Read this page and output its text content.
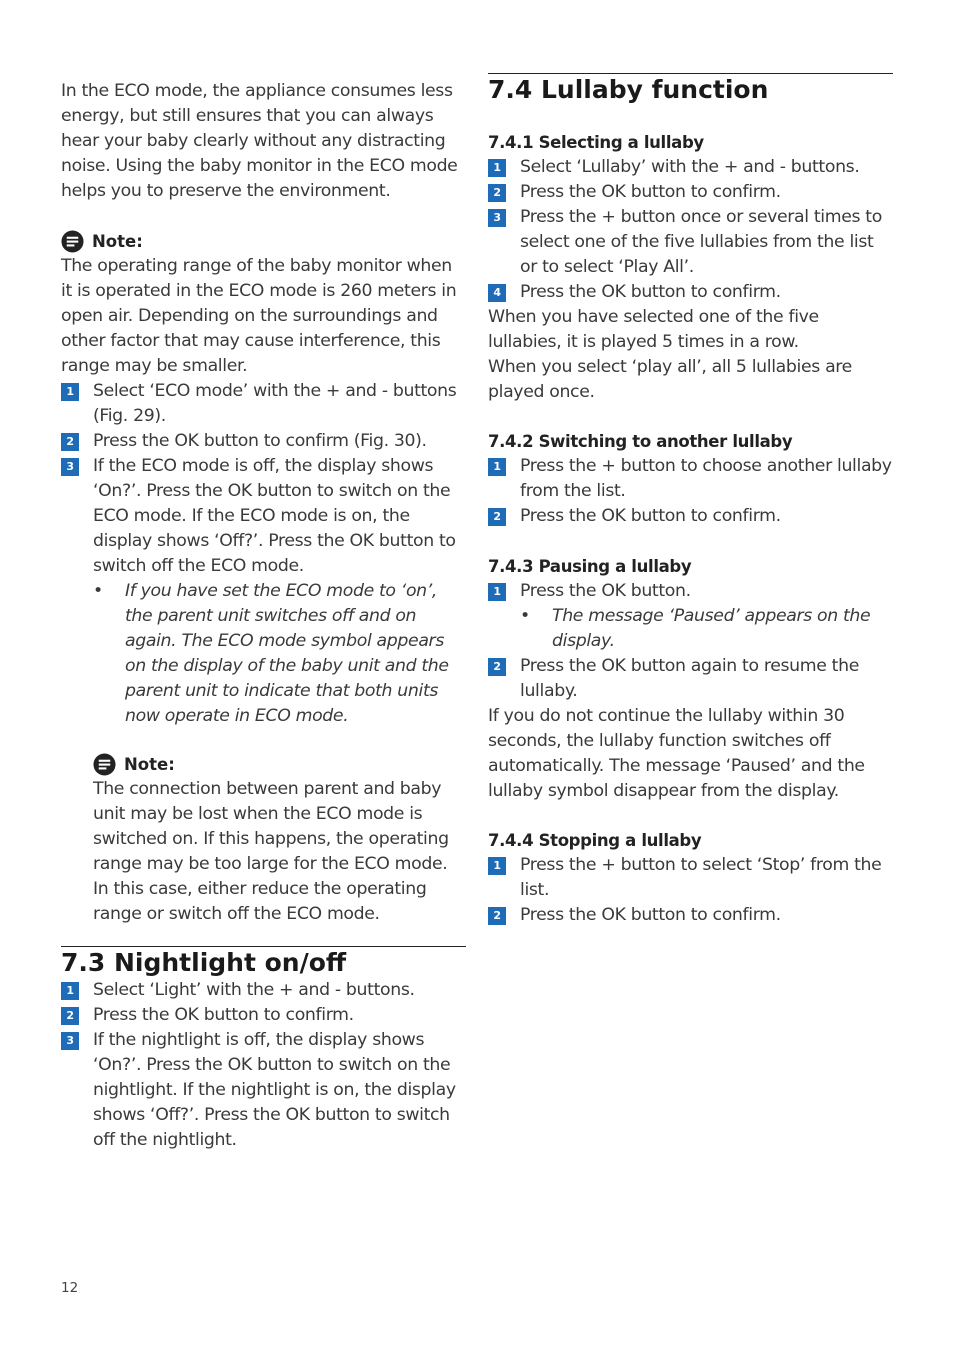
In the ECO mode, the appliance consumes less energy, but still ensures that you can always hear your baby clearly without any distracting noise. Using the baby monitor in the ECO mode helps you to preserve the environment.

Note:

The operating range of the baby monitor when it is operated in the ECO mode is 260 meters in open air. Depending on the surroundings and other factor that may cause interference, this range may be smaller.

1	Select ‘ECO mode’ with the + and - buttons (Fig. 29).
2	Press the OK button to confirm (Fig. 30).
3	If the ECO mode is off, the display shows ‘On?’. Press the OK button to switch on the ECO mode. If the ECO mode is on, the display shows ‘Off?’. Press the OK button to switch off the ECO mode.
•	If you have set the ECO mode to ‘on’, the parent unit switches off and on again. The ECO mode symbol appears on the display of the baby unit and the parent unit to indicate that both units now operate in ECO mode.
Note:

The connection between parent and baby unit may be lost when the ECO mode is switched on. If this happens, the operating range may be too large for the ECO mode. In this case, either reduce the operating range or switch off the ECO mode.

7.3 Nightlight on/off
1	Select ‘Light’ with the + and - buttons.
2	Press the OK button to confirm.
3	If the nightlight is off, the display shows ‘On?’. Press the OK button to switch on the nightlight. If the nightlight is on, the display shows ‘Off?’. Press the OK button to switch off the nightlight.
7.4 Lullaby function
7.4.1 Selecting a lullaby
1	Select ‘Lullaby’ with the + and - buttons.
2	Press the OK button to confirm.
3	Press the + button once or several times to select one of the five lullabies from the list or to select ‘Play All’.
4	Press the OK button to confirm.

When you have selected one of the five lullabies, it is played 5 times in a row.

When you select ‘play all’, all 5 lullabies are played once.

7.4.2 Switching to another lullaby
1	Press the + button to choose another lullaby from the list.
2	Press the OK button to confirm.
7.4.3 Pausing a lullaby
1	Press the OK button.
•	The message ‘Paused’ appears on the display.
2	Press the OK button again to resume the lullaby.

If you do not continue the lullaby within 30 seconds, the lullaby function switches off automatically. The message ‘Paused’ and the lullaby symbol disappear from the display.

7.4.4 Stopping a lullaby
1	Press the + button to select ‘Stop’ from the list.
2	Press the OK button to confirm.
12
